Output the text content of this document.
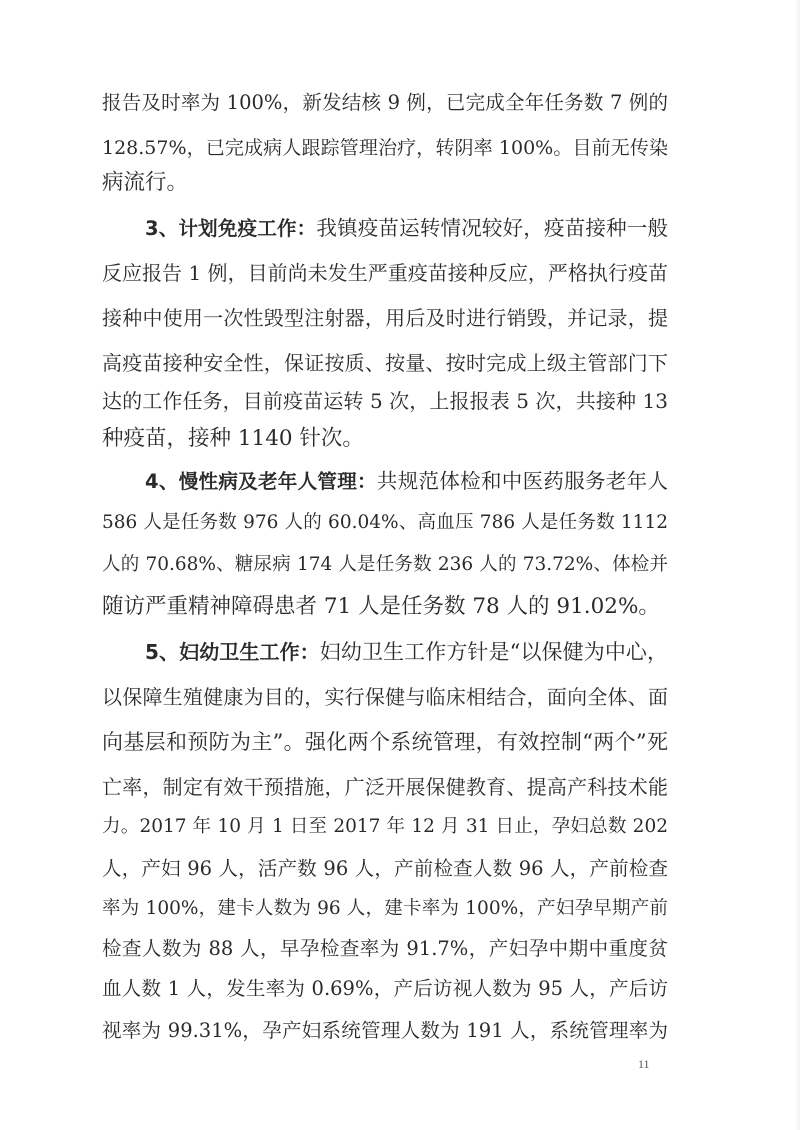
报告及时率为 100%，新发结核 9 例，已完成全年任务数 7 例的
128.57%，已完成病人跟踪管理治疗，转阴率 100%。目前无传染
病流行。
3、计划免疫工作：我镇疫苗运转情况较好，疫苗接种一般
反应报告 1 例，目前尚未发生严重疫苗接种反应，严格执行疫苗
接种中使用一次性毁型注射器，用后及时进行销毁，并记录，提
高疫苗接种安全性，保证按质、按量、按时完成上级主管部门下
达的工作任务，目前疫苗运转 5 次，上报报表 5 次，共接种 13
种疫苗，接种 1140 针次。
4、慢性病及老年人管理：共规范体检和中医药服务老年人
586 人是任务数 976 人的 60.04%、高血压 786 人是任务数 1112
人的 70.68%、糖尿病 174 人是任务数 236 人的 73.72%、体检并
随访严重精神障碍患者 71 人是任务数 78 人的 91.02%。
5、妇幼卫生工作：妇幼卫生工作方针是“以保健为中心，
以保障生殖健康为目的，实行保健与临床相结合，面向全体、面
向基层和预防为主”。强化两个系统管理，有效控制“两个”死
亡率，制定有效干预措施，广泛开展保健教育、提高产科技术能
力。2017 年 10 月 1 日至 2017 年 12 月 31 日止，孕妇总数 202
人，产妇 96 人，活产数 96 人，产前检查人数 96 人，产前检查
率为 100%，建卡人数为 96 人，建卡率为 100%，产妇孕早期产前
检查人数为 88 人，早孕检查率为 91.7%，产妇孕中期中重度贫
血人数 1 人，发生率为 0.69%，产后访视人数为 95 人，产后访
视率为 99.31%，孕产妇系统管理人数为 191 人，系统管理率为
11
